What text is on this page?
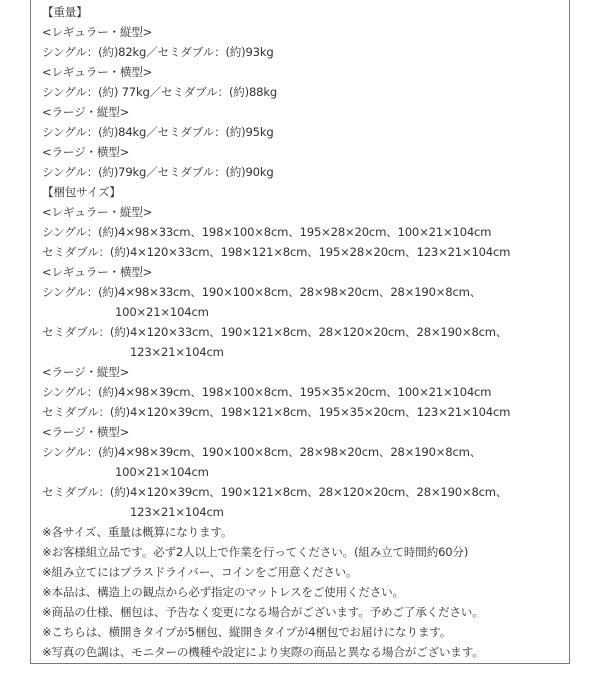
【重量】
<レギュラー・縦型>
シングル：(約)82kg／セミダブル：(約)93kg
<レギュラー・横型>
シングル：(約) 77kg／セミダブル：(約)88kg
<ラージ・縦型>
シングル：(約)84kg／セミダブル：(約)95kg
<ラージ・横型>
シングル：(約)79kg／セミダブル：(約)90kg
【梱包サイズ】
<レギュラー・縦型>
シングル：(約)4×98×33cm、198×100×8cm、195×28×20cm、100×21×104cm
セミダブル：(約)4×120×33cm、198×121×8cm、195×28×20cm、123×21×104cm
<レギュラー・横型>
シングル：(約)4×98×33cm、190×100×8cm、28×98×20cm、28×190×8cm、
100×21×104cm
セミダブル：(約)4×120×33cm、190×121×8cm、28×120×20cm、28×190×8cm、
123×21×104cm
<ラージ・縦型>
シングル：(約)4×98×39cm、198×100×8cm、195×35×20cm、100×21×104cm
セミダブル：(約)4×120×39cm、198×121×8cm、195×35×20cm、123×21×104cm
<ラージ・横型>
シングル：(約)4×98×39cm、190×100×8cm、28×98×20cm、28×190×8cm、
100×21×104cm
セミダブル：(約)4×120×39cm、190×121×8cm、28×120×20cm、28×190×8cm、
123×21×104cm
※各サイズ、重量は概算になります。
※お客様組立品です。必ず2人以上で作業を行ってください。(組み立て時間約60分)
※組み立てにはプラスドライバー、コインをご用意ください。
※本品は、構造上の観点から必ず指定のマットレスをご使用ください。
※商品の仕様、梱包は、予告なく変更になる場合がございます。予めご了承ください。
※こちらは、横開きタイプが5梱包、縦開きタイプが4梱包でお届けになります。
※写真の色調は、モニターの機種や設定により実際の商品と異なる場合がございます。
